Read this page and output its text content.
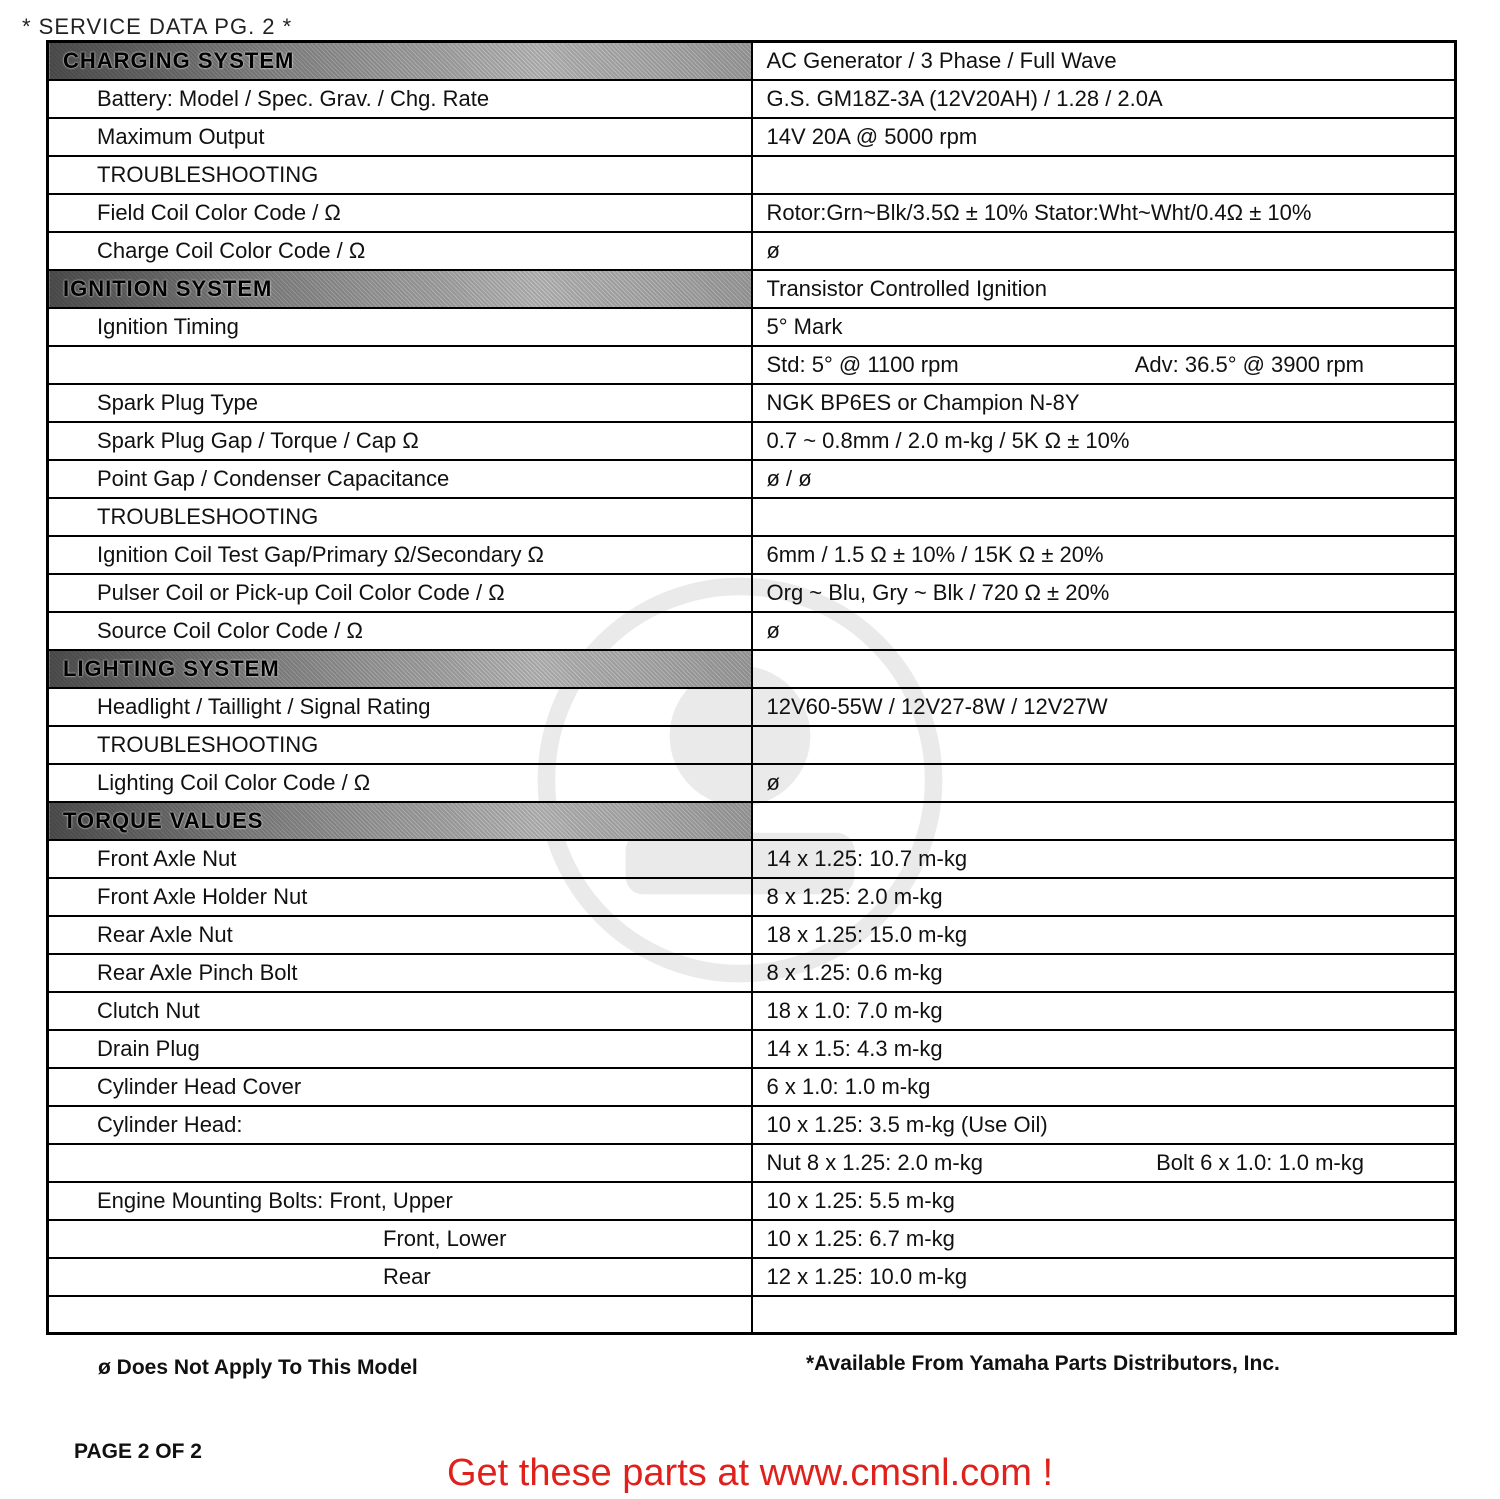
* SERVICE DATA PG. 2 *
CHARGING SYSTEM	AC Generator / 3 Phase / Full Wave
Battery: Model / Spec. Grav. / Chg. Rate	G.S. GM18Z-3A (12V20AH) / 1.28 / 2.0A
Maximum Output	14V 20A @ 5000 rpm
TROUBLESHOOTING	
Field Coil Color Code / Ω	Rotor:Grn~Blk/3.5Ω ± 10% Stator:Wht~Wht/0.4Ω ± 10%
Charge Coil Color Code / Ω	ø
IGNITION SYSTEM	Transistor Controlled Ignition
Ignition Timing	5° Mark

	Std: 5° @ 1100 rpm Adv: 36.5° @ 3900 rpm

Spark Plug Type	NGK BP6ES or Champion N-8Y
Spark Plug Gap / Torque / Cap Ω	0.7 ~ 0.8mm / 2.0 m-kg / 5K Ω ± 10%
Point Gap / Condenser Capacitance	ø / ø
TROUBLESHOOTING	
Ignition Coil Test Gap/Primary Ω/Secondary Ω	6mm / 1.5 Ω ± 10% / 15K Ω ± 20%
Pulser Coil or Pick-up Coil Color Code / Ω	Org ~ Blu, Gry ~ Blk / 720 Ω ± 20%
Source Coil Color Code / Ω	ø
LIGHTING SYSTEM	
Headlight / Taillight / Signal Rating	12V60-55W / 12V27-8W / 12V27W
TROUBLESHOOTING	
Lighting Coil Color Code / Ω	ø
TORQUE VALUES	
Front Axle Nut	14 x 1.25: 10.7 m-kg
Front Axle Holder Nut	8 x 1.25: 2.0 m-kg
Rear Axle Nut	18 x 1.25: 15.0 m-kg
Rear Axle Pinch Bolt	8 x 1.25: 0.6 m-kg
Clutch Nut	18 x 1.0: 7.0 m-kg
Drain Plug	14 x 1.5: 4.3 m-kg
Cylinder Head Cover	6 x 1.0: 1.0 m-kg
Cylinder Head:	10 x 1.25: 3.5 m-kg (Use Oil)

	Nut 8 x 1.25: 2.0 m-kg Bolt 6 x 1.0: 1.0 m-kg

Engine Mounting Bolts: Front, Upper	10 x 1.25: 5.5 m-kg
Front, Lower	10 x 1.25: 6.7 m-kg
Rear	12 x 1.25: 10.0 m-kg

ø Does Not Apply To This Model	*Available From Yamaha Parts Distributors, Inc.
PAGE 2 OF 2
Get these parts at www.cmsnl.com !
